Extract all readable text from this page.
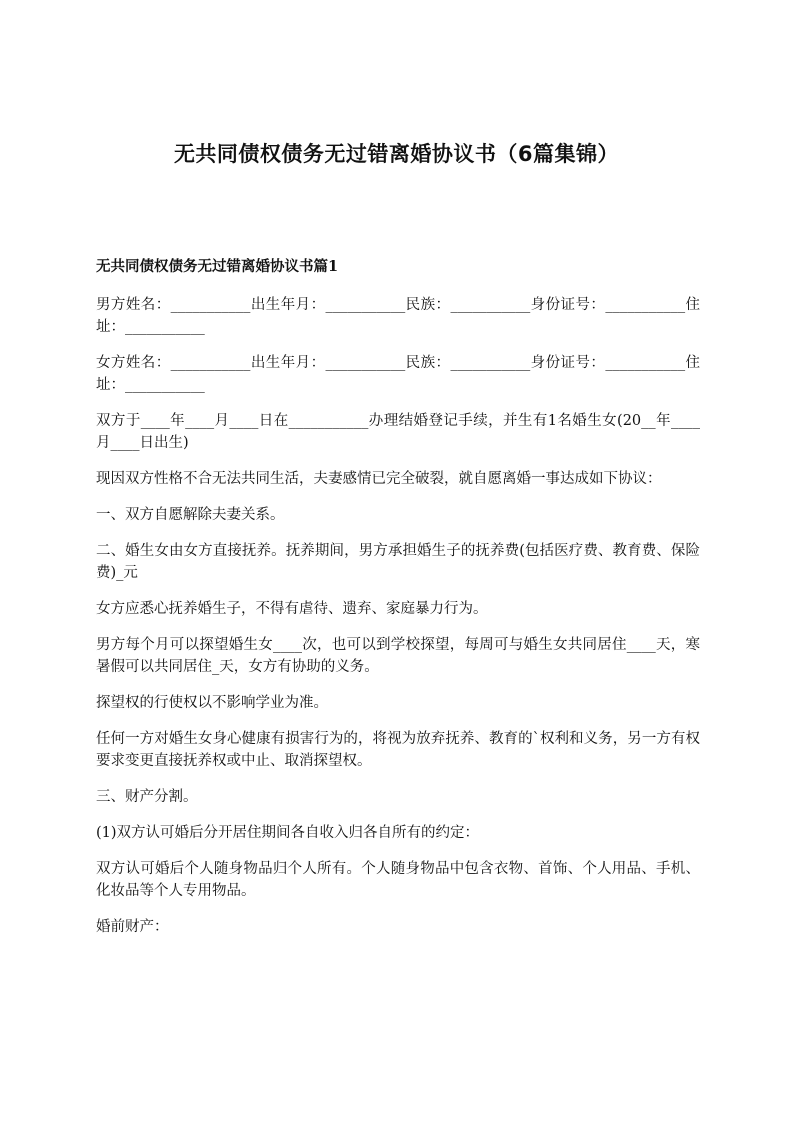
无共同债权债务无过错离婚协议书（6篇集锦）
无共同债权债务无过错离婚协议书篇1

男方姓名：___________出生年月：___________民族：___________身份证号：___________住址：___________

女方姓名：___________出生年月：___________民族：___________身份证号：___________住址：___________

双方于____年____月____日在___________办理结婚登记手续，并生有1名婚生女(20__年____月____日出生)

现因双方性格不合无法共同生活，夫妻感情已完全破裂，就自愿离婚一事达成如下协议：

一、双方自愿解除夫妻关系。

二、婚生女由女方直接抚养。抚养期间，男方承担婚生子的抚养费(包括医疗费、教育费、保险费)_元

女方应悉心抚养婚生子，不得有虐待、遗弃、家庭暴力行为。

男方每个月可以探望婚生女____次，也可以到学校探望，每周可与婚生女共同居住____天，寒暑假可以共同居住_天，女方有协助的义务。

探望权的行使权以不影响学业为准。

任何一方对婚生女身心健康有损害行为的，将视为放弃抚养、教育的`权利和义务，另一方有权要求变更直接抚养权或中止、取消探望权。

三、财产分割。

(1)双方认可婚后分开居住期间各自收入归各自所有的约定：

双方认可婚后个人随身物品归个人所有。个人随身物品中包含衣物、首饰、个人用品、手机、化妆品等个人专用物品。

婚前财产：
